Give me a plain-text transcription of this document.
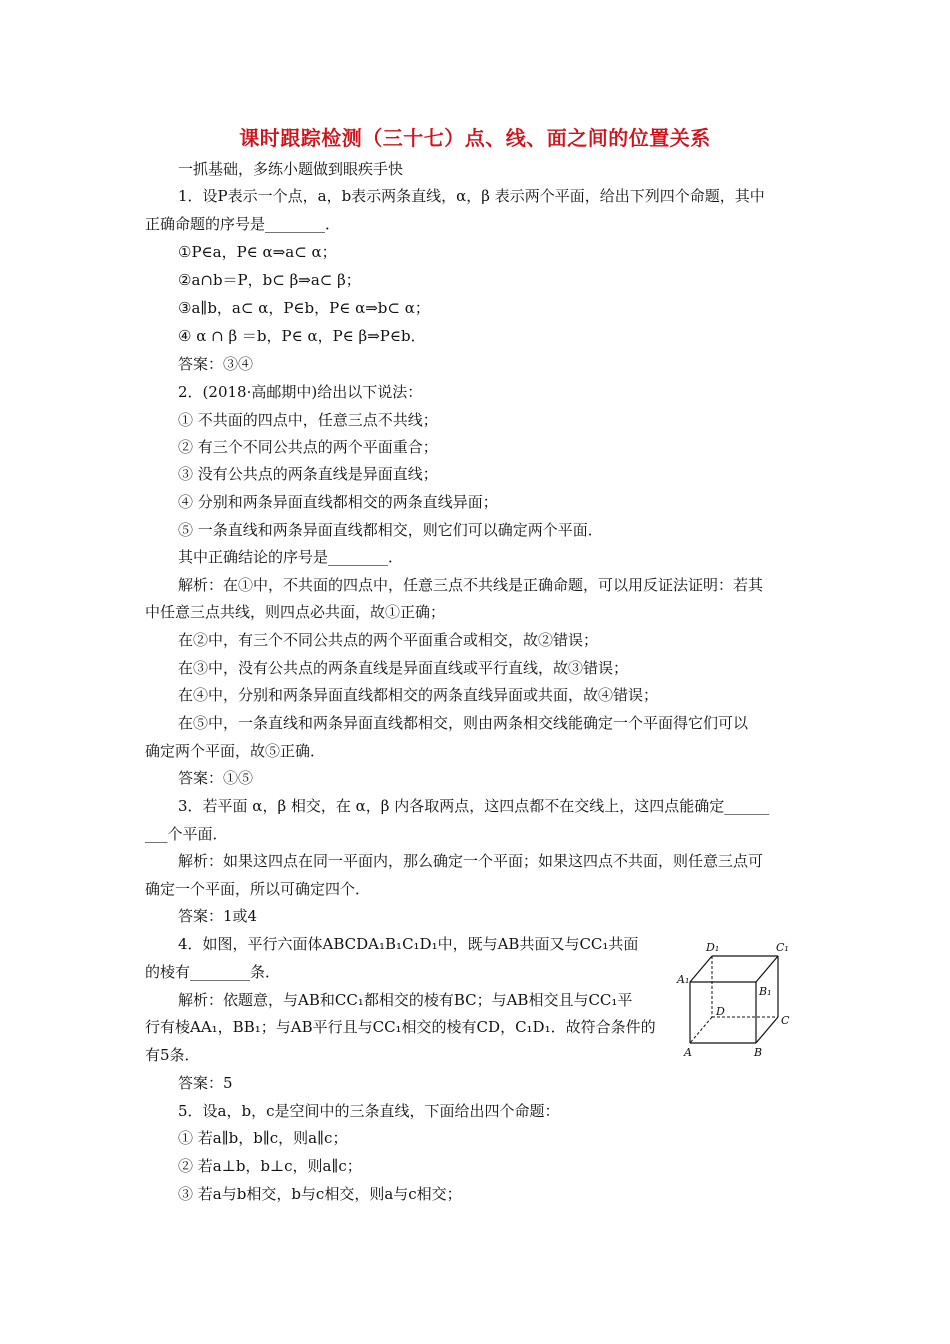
课时跟踪检测（三十七）点、线、面之间的位置关系
一抓基础，多练小题做到眼疾手快
1．设P表示一个点，a，b表示两条直线，α，β 表示两个平面，给出下列四个命题，其中
正确命题的序号是________．
①P∈a，P∈ α⇒a⊂ α；
②a∩b＝P，b⊂ β⇒a⊂ β；
③a∥b，a⊂ α，P∈b，P∈ α⇒b⊂ α；
④ α ∩ β ＝b，P∈ α，P∈ β⇒P∈b．
答案：③④
2．(2018·高邮期中)给出以下说法：
① 不共面的四点中，任意三点不共线；
② 有三个不同公共点的两个平面重合；
③ 没有公共点的两条直线是异面直线；
④ 分别和两条异面直线都相交的两条直线异面；
⑤ 一条直线和两条异面直线都相交，则它们可以确定两个平面．
其中正确结论的序号是________．
解析：在①中，不共面的四点中，任意三点不共线是正确命题，可以用反证法证明：若其
中任意三点共线，则四点必共面，故①正确；
在②中，有三个不同公共点的两个平面重合或相交，故②错误；
在③中，没有公共点的两条直线是异面直线或平行直线，故③错误；
在④中，分别和两条异面直线都相交的两条直线异面或共面，故④错误；
在⑤中，一条直线和两条异面直线都相交，则由两条相交线能确定一个平面得它们可以
确定两个平面，故⑤正确．
答案：①⑤
3．若平面 α，β 相交，在 α，β 内各取两点，这四点都不在交线上，这四点能确定______
___个平面．
解析：如果这四点在同一平面内，那么确定一个平面；如果这四点不共面，则任意三点可
确定一个平面，所以可确定四个．
答案：1或4
4．如图，平行六面体ABCDA₁B₁C₁D₁中，既与AB共面又与CC₁共面
的棱有________条．
解析：依题意，与AB和CC₁都相交的棱有BC；与AB相交且与CC₁平
行有棱AA₁，BB₁；与AB平行且与CC₁相交的棱有CD，C₁D₁．故符合条件的
有5条．
答案：5
5．设a，b，c是空间中的三条直线，下面给出四个命题：
① 若a∥b，b∥c，则a∥c；
② 若a⊥b，b⊥c，则a∥c；
③ 若a与b相交，b与c相交，则a与c相交；
D₁	C₁
A₁
B₁
D
C
A	B
